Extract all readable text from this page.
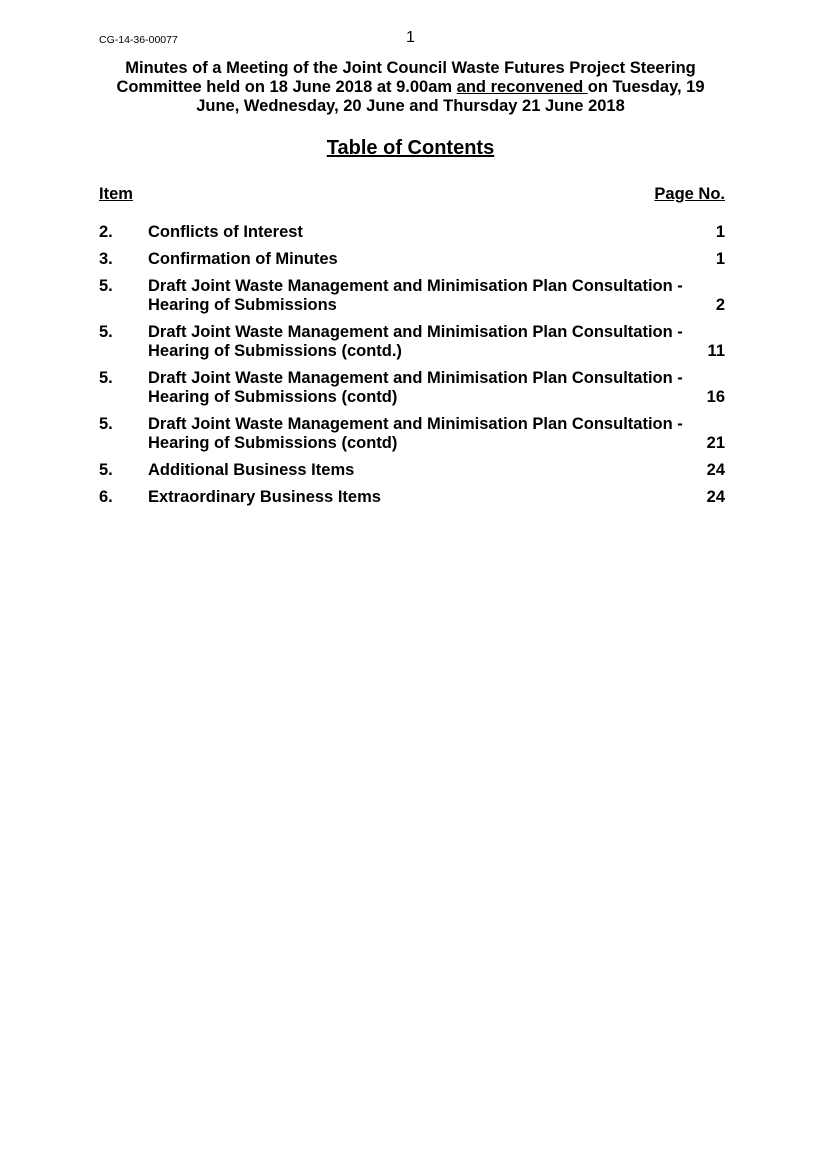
CG-14-36-00077	1
Minutes of a Meeting of the Joint Council Waste Futures Project Steering Committee held on 18 June 2018 at 9.00am and reconvened on Tuesday, 19 June, Wednesday, 20 June and Thursday 21 June 2018
Table of Contents
Item	Page No.
2. Conflicts of Interest	1
3. Confirmation of Minutes	1
5. Draft Joint Waste Management and Minimisation Plan Consultation - Hearing of Submissions	2
5. Draft Joint Waste Management and Minimisation Plan Consultation - Hearing of Submissions (contd.)	11
5. Draft Joint Waste Management and Minimisation Plan Consultation - Hearing of Submissions (contd)	16
5. Draft Joint Waste Management and Minimisation Plan Consultation - Hearing of Submissions (contd)	21
5. Additional Business Items	24
6. Extraordinary Business Items	24
